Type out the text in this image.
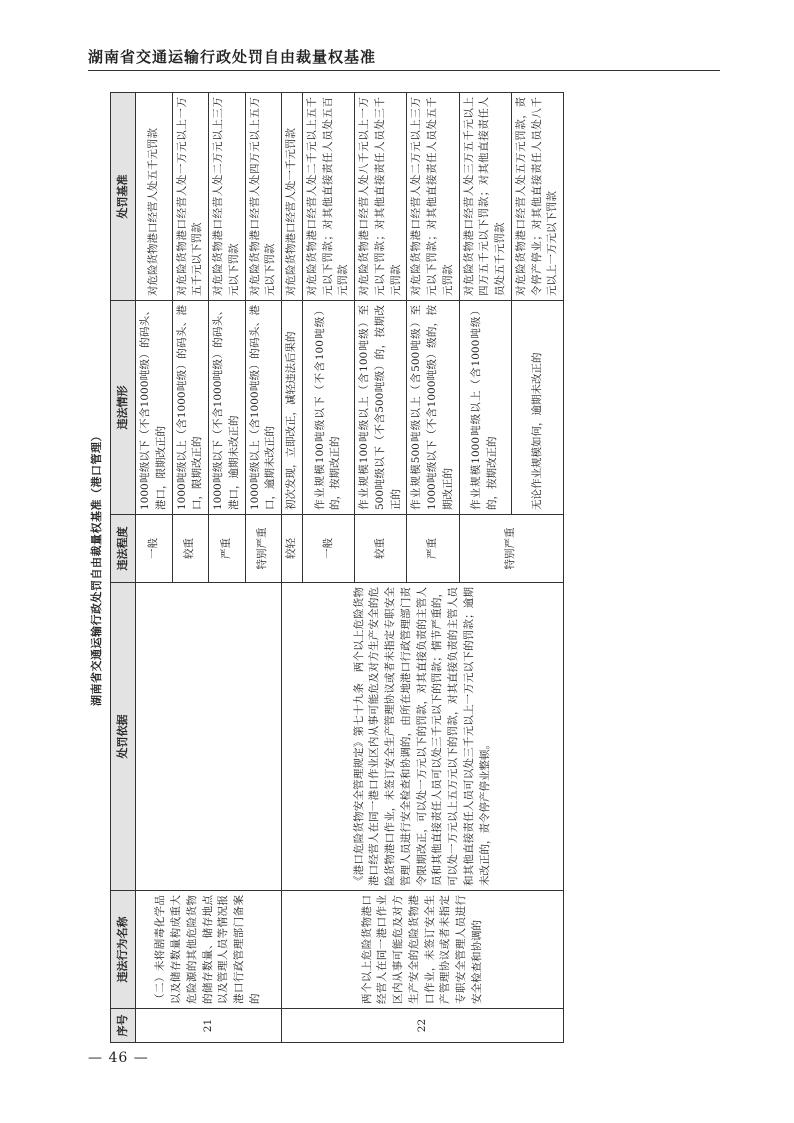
湖南省交通运输行政处罚自由裁量权基准
湖南省交通运输行政处罚自由裁量权基准（港口管理）
序号	违法行为名称	处罚依据	违法程度	违法情形	处罚基准
21	（二）未将剧毒化学品以及储存数量构成重大危险源的其他危险货物的储存数量、储存地点以及管理人员等情况报港口行政管理部门备案的		一般	1000吨级以下（不含1000吨级）的码头、港口，限期改正的	对危险货物港口经营人处五千元罚款
			较重	1000吨级以上（含1000吨级）的码头、港口，限期改正的	对危险货物港口经营人处一万元以上一万五千元以下罚款
			严重	1000吨级以下（不含1000吨级）的码头、港口，逾期未改正的	对危险货物港口经营人处二万元以上三万元以下罚款
			特别严重	1000吨级以上（含1000吨级）的码头、港口，逾期未改正的	对危险货物港口经营人处四万元以上五万元以下罚款
22	两个以上危险货物港口经营人在同一港口作业区内从事可能危及对方生产安全的危险货物港口作业，未签订安全生产管理协议或者未指定专职安全管理人员进行安全检查和协调的	《港口危险货物安全管理规定》第七十九条　两个以上危险货物港口经营人在同一港口作业区内从事可能危及对方生产安全的危险货物港口作业，未签订安全生产管理协议或者未指定专职安全管理人员进行安全检查和协调的，由所在地港口行政管理部门责令限期改正，可以处一万元以下的罚款，对其直接负责的主管人员和其他直接责任人员可以处三千元以下的罚款；情节严重的，可以处一万元以上五万元以下的罚款，对其直接负责的主管人员和其他直接责任人员可以处三千元以上一万元以下的罚款；逾期未改正的，责令停产停业整顿。	较轻	初次发现，立即改正，减轻违法后果的	对危险货物港口经营人处一千元罚款
			一般	作业规模100吨级以下（不含100吨级）的，按期改正的	对危险货物港口经营人处二千元以上五千元以下罚款；对其他直接责任人员处五百元罚款
			较重	作业规模100吨级以上（含100吨级）至500吨级以下（不含500吨级）的，按期改正的	对危险货物港口经营人处八千元以上一万元以下罚款；对其他直接责任人员处三千元罚款
			严重	作业规模500吨级以上（含500吨级）至1000吨级以下（不含1000吨级）级的，按期改正的	对危险货物港口经营人处二万元以上三万元以下罚款；对其他直接责任人员处五千元罚款
			特别严重	作业规模1000吨级以上（含1000吨级）的，按期改正的	对危险货物港口经营人处三万五千元以上四万五千元以下罚款；对其他直接责任人员处五千元罚款
				无论作业规模如何，逾期未改正的	对危险货物港口经营人处五万元罚款，责令停产停业；对其他直接责任人员处八千元以上一万元以下罚款
— 46 —
